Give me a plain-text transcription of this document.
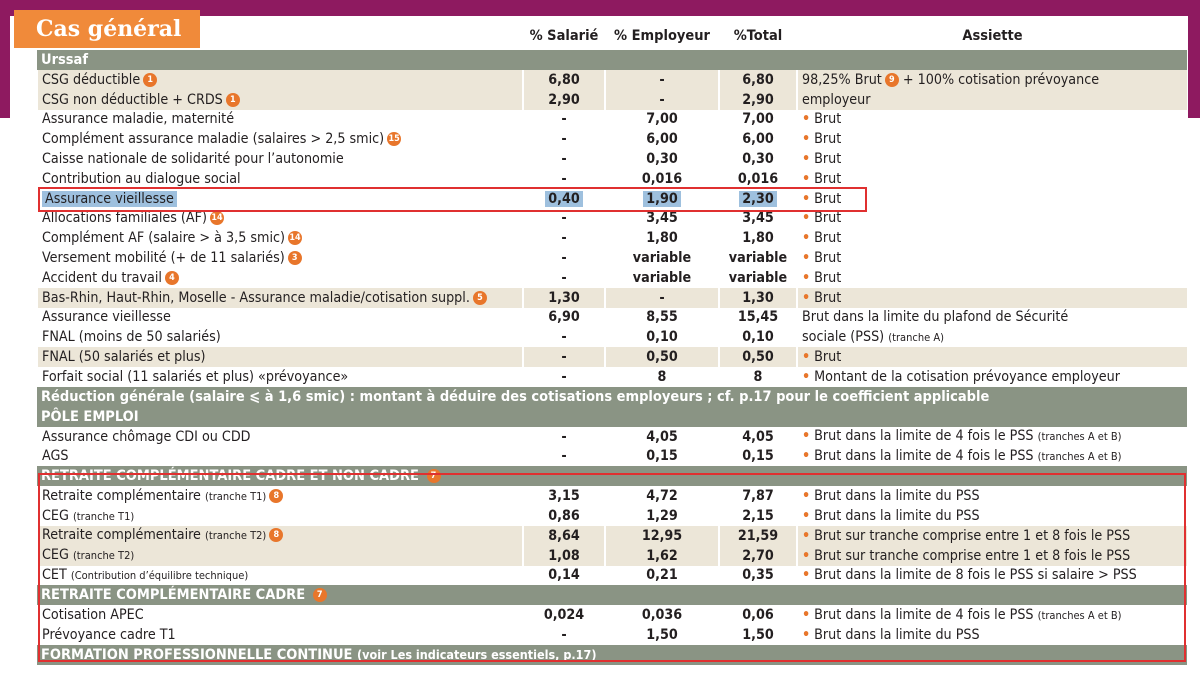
Cas général
		% Salarié	% Employeur	%Total	Assiette
Urssaf				
CSG déductible 1	6,80	-	6,80	98,25% Brut 9 + 100% cotisation prévoyance
CSG non déductible + CRDS 1	2,90	-	2,90	employeur
Assurance maladie, maternité	-	7,00	7,00	• Brut
Complément assurance maladie (salaires > 2,5 smic) 15	-	6,00	6,00	• Brut
Caisse nationale de solidarité pour l’autonomie	-	0,30	0,30	• Brut
Contribution au dialogue social	-	0,016	0,016	• Brut
Assurance vieillesse	0,40	1,90	2,30	• Brut
Allocations familiales (AF) 14	-	3,45	3,45	• Brut
Complément AF (salaire > à 3,5 smic) 14	-	1,80	1,80	• Brut
Versement mobilité (+ de 11 salariés) 3	-	variable	variable	• Brut
Accident du travail 4	-	variable	variable	• Brut
Bas-Rhin, Haut-Rhin, Moselle - Assurance maladie/cotisation suppl. 5	1,30	-	1,30	• Brut
Assurance vieillesse	6,90	8,55	15,45	Brut dans la limite du plafond de Sécurité
FNAL (moins de 50 salariés)	-	0,10	0,10	sociale (PSS) (tranche A)
FNAL (50 salariés et plus)	-	0,50	0,50	• Brut
Forfait social (11 salariés et plus) «prévoyance»	-	8	8	• Montant de la cotisation prévoyance employeur
Réduction générale (salaire ⩽ à 1,6 smic) : montant à déduire des cotisations employeurs ; cf. p.17 pour le coefficient applicable				
PÔLE EMPLOI				
Assurance chômage CDI ou CDD	-	4,05	4,05	• Brut dans la limite de 4 fois le PSS (tranches A et B)
AGS	-	0,15	0,15	• Brut dans la limite de 4 fois le PSS (tranches A et B)
RETRAITE COMPLÉMENTAIRE CADRE ET NON CADRE 7				
Retraite complémentaire (tranche T1) 8	3,15	4,72	7,87	• Brut dans la limite du PSS
CEG (tranche T1)	0,86	1,29	2,15	• Brut dans la limite du PSS
Retraite complémentaire (tranche T2) 8	8,64	12,95	21,59	• Brut sur tranche comprise entre 1 et 8 fois le PSS
CEG (tranche T2)	1,08	1,62	2,70	• Brut sur tranche comprise entre 1 et 8 fois le PSS
CET (Contribution d’équilibre technique)	0,14	0,21	0,35	• Brut dans la limite de 8 fois le PSS si salaire > PSS
RETRAITE COMPLÉMENTAIRE CADRE 7				
Cotisation APEC	0,024	0,036	0,06	• Brut dans la limite de 4 fois le PSS (tranches A et B)
Prévoyance cadre T1	-	1,50	1,50	• Brut dans la limite du PSS
FORMATION PROFESSIONNELLE CONTINUE (voir Les indicateurs essentiels, p.17)				
